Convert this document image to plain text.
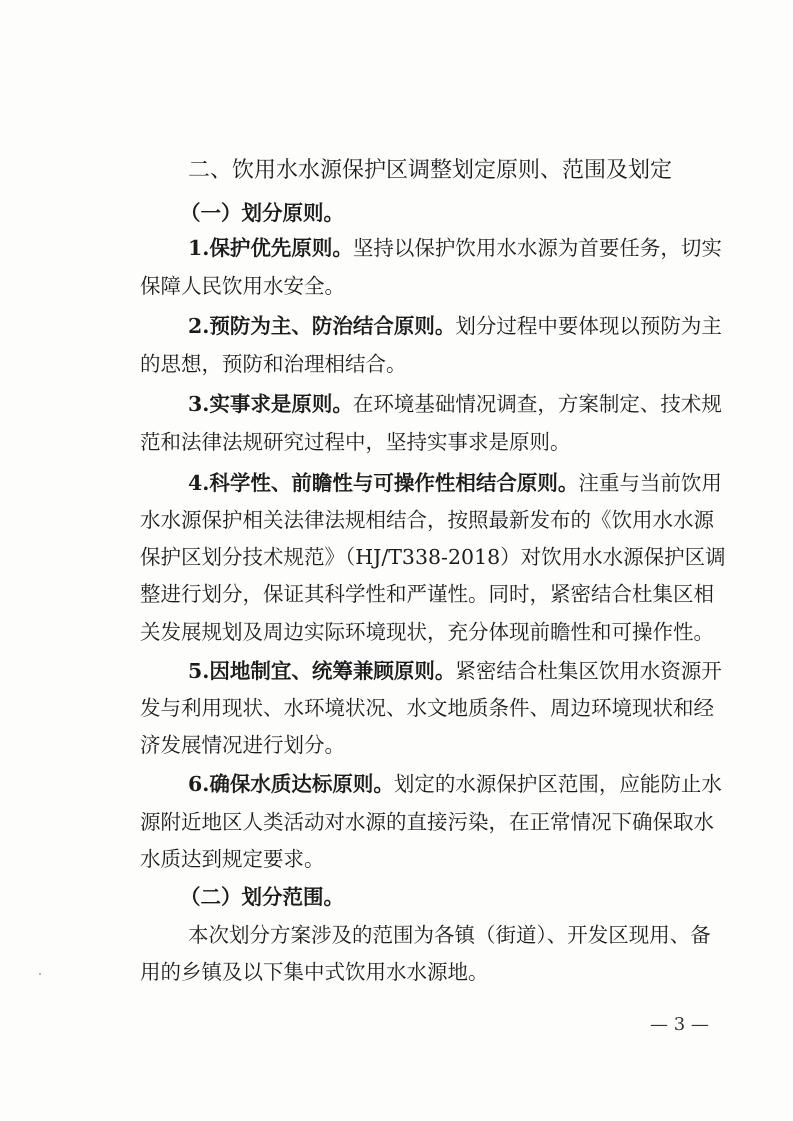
二、饮用水水源保护区调整划定原则、范围及划定
（一）划分原则。
1.保护优先原则。坚持以保护饮用水水源为首要任务，切实
保障人民饮用水安全。
2.预防为主、防治结合原则。划分过程中要体现以预防为主
的思想，预防和治理相结合。
3.实事求是原则。在环境基础情况调查，方案制定、技术规
范和法律法规研究过程中，坚持实事求是原则。
4.科学性、前瞻性与可操作性相结合原则。注重与当前饮用
水水源保护相关法律法规相结合，按照最新发布的《饮用水水源
保护区划分技术规范》（HJ/T338-2018）对饮用水水源保护区调
整进行划分，保证其科学性和严谨性。同时，紧密结合杜集区相
关发展规划及周边实际环境现状，充分体现前瞻性和可操作性。
5.因地制宜、统筹兼顾原则。紧密结合杜集区饮用水资源开
发与利用现状、水环境状况、水文地质条件、周边环境现状和经
济发展情况进行划分。
6.确保水质达标原则。划定的水源保护区范围，应能防止水
源附近地区人类活动对水源的直接污染，在正常情况下确保取水
水质达到规定要求。
（二）划分范围。
本次划分方案涉及的范围为各镇（街道）、开发区现用、备
用的乡镇及以下集中式饮用水水源地。
— 3 —
